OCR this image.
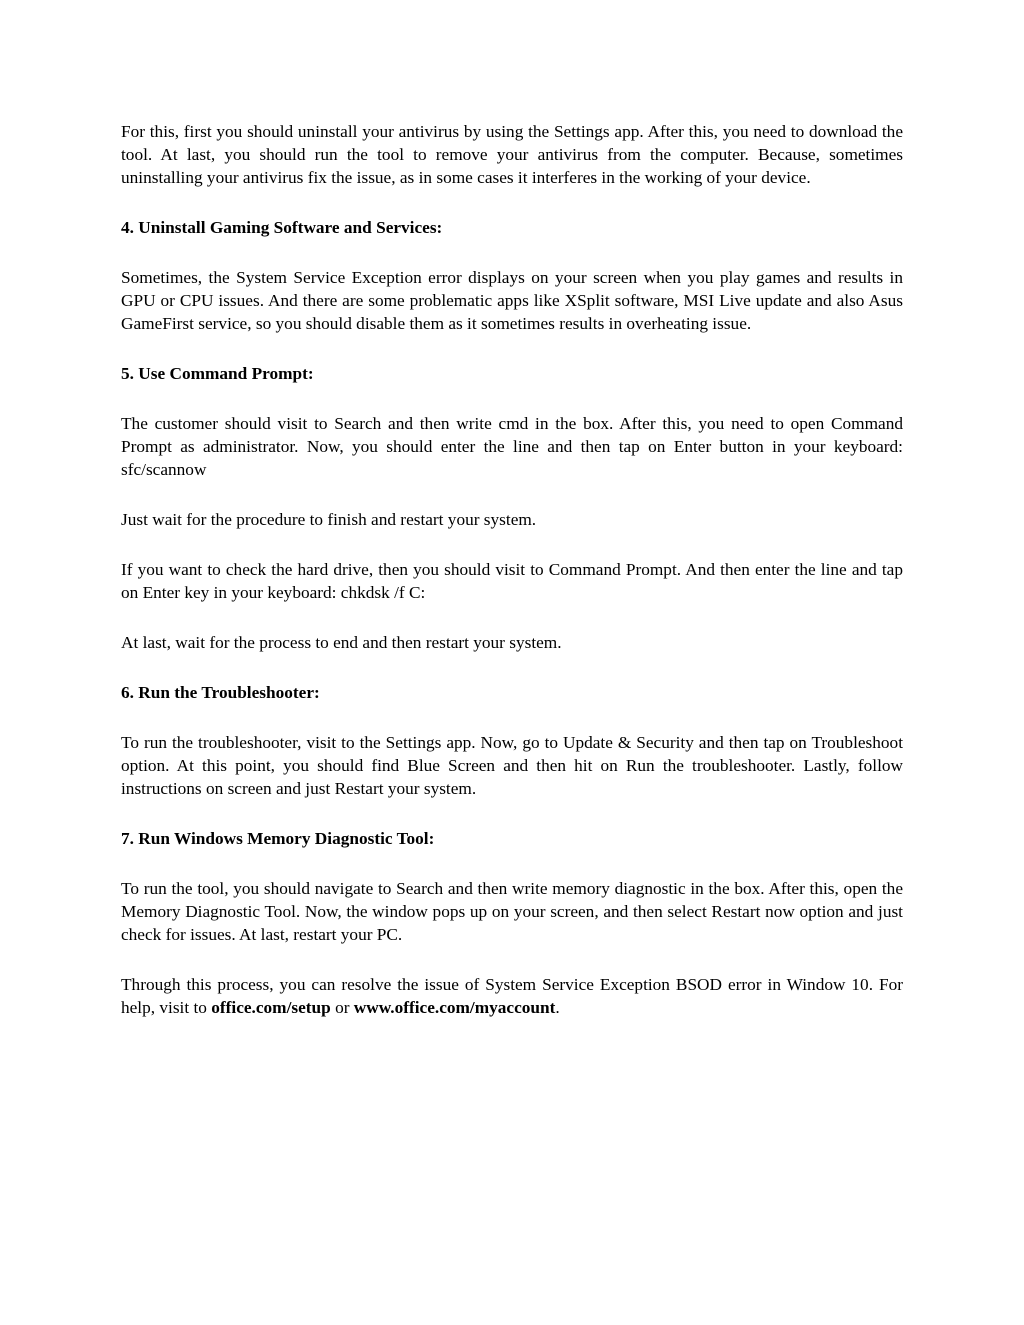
For this, first you should uninstall your antivirus by using the Settings app. After this, you need to download the tool. At last, you should run the tool to remove your antivirus from the computer. Because, sometimes uninstalling your antivirus fix the issue, as in some cases it interferes in the working of your device.

4. Uninstall Gaming Software and Services:

Sometimes, the System Service Exception error displays on your screen when you play games and results in GPU or CPU issues. And there are some problematic apps like XSplit software, MSI Live update and also Asus GameFirst service, so you should disable them as it sometimes results in overheating issue.

5. Use Command Prompt:

The customer should visit to Search and then write cmd in the box. After this, you need to open Command Prompt as administrator. Now, you should enter the line and then tap on Enter button in your keyboard: sfc/scannow

Just wait for the procedure to finish and restart your system.

If you want to check the hard drive, then you should visit to Command Prompt. And then enter the line and tap on Enter key in your keyboard: chkdsk /f C:

At last, wait for the process to end and then restart your system.

6. Run the Troubleshooter:

To run the troubleshooter, visit to the Settings app. Now, go to Update & Security and then tap on Troubleshoot option. At this point, you should find Blue Screen and then hit on Run the troubleshooter. Lastly, follow instructions on screen and just Restart your system.

7. Run Windows Memory Diagnostic Tool:

To run the tool, you should navigate to Search and then write memory diagnostic in the box. After this, open the Memory Diagnostic Tool. Now, the window pops up on your screen, and then select Restart now option and just check for issues. At last, restart your PC.

Through this process, you can resolve the issue of System Service Exception BSOD error in Window 10. For help, visit to office.com/setup or www.office.com/myaccount.
